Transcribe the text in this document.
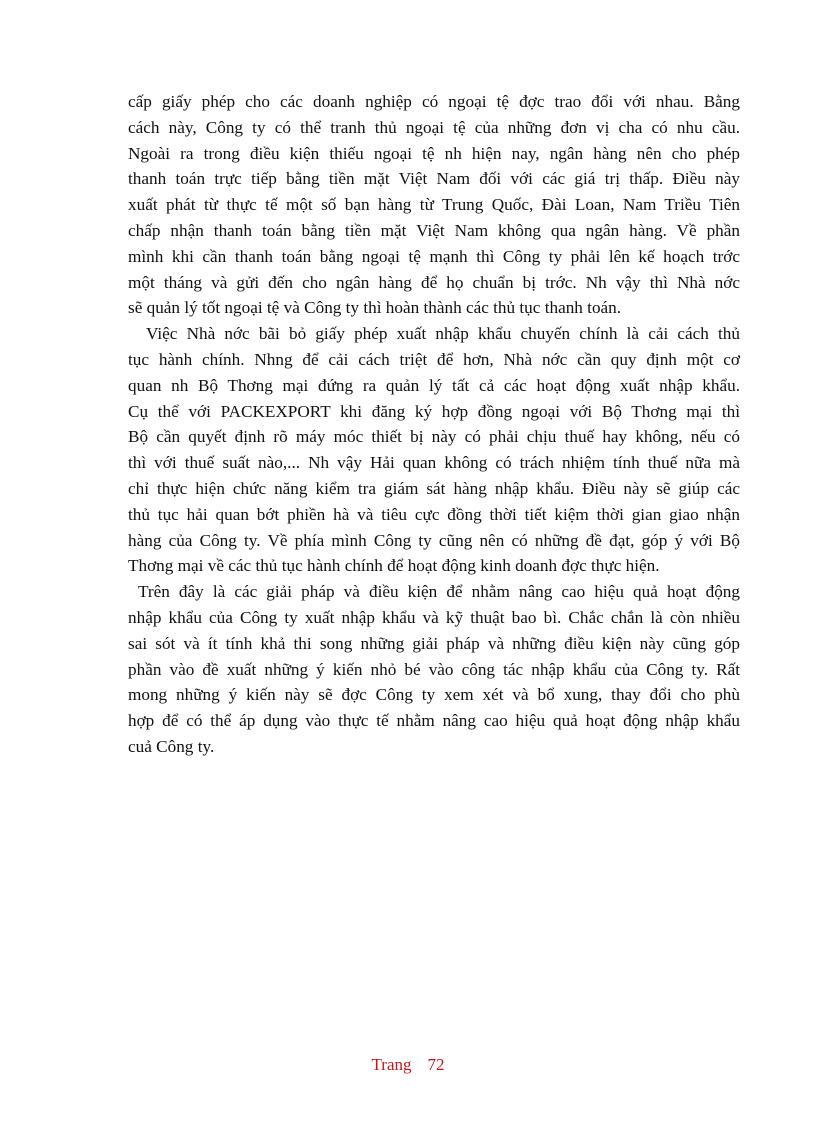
cấp giấy phép cho các doanh nghiệp có ngoại tệ đợc trao đổi với nhau. Bằng
cách này, Công ty có thể tranh thủ ngoại tệ của những đơn vị cha có nhu cầu.
Ngoài ra trong điều kiện thiếu ngoại tệ nh hiện nay, ngân hàng nên cho phép
thanh toán trực tiếp bằng tiền mặt Việt Nam đối với các giá trị thấp. Điều này
xuất phát từ thực tế một số bạn hàng từ Trung Quốc, Đài Loan, Nam Triều Tiên
chấp nhận thanh toán bằng tiền mặt Việt Nam không qua ngân hàng. Về phần
mình khi cần thanh toán bằng ngoại tệ mạnh thì Công ty phải lên kế hoạch trớc
một tháng và gửi đến cho ngân hàng để họ chuẩn bị trớc. Nh vậy thì Nhà nớc
sẽ quản lý tốt ngoại tệ và Công ty thì hoàn thành các thủ tục thanh toán.
Việc Nhà nớc bãi bỏ giấy phép xuất nhập khẩu chuyến chính là cải cách thủ
tục hành chính. Nhng để cải cách triệt để hơn, Nhà nớc cần quy định một cơ
quan nh Bộ Thơng mại đứng ra quản lý tất cả các hoạt động xuất nhập khẩu.
Cụ thể với PACKEXPORT khi đăng ký hợp đồng ngoại với Bộ Thơng mại thì
Bộ cần quyết định rõ máy móc thiết bị này có phải chịu thuế hay không, nếu có
thì với thuế suất nào,... Nh vậy Hải quan không có trách nhiệm tính thuế nữa mà
chỉ thực hiện chức năng kiểm tra giám sát hàng nhập khẩu. Điều này sẽ giúp các
thủ tục hải quan bớt phiền hà và tiêu cực đồng thời tiết kiệm thời gian giao nhận
hàng của Công ty. Về phía mình Công ty cũng nên có những đề đạt, góp ý với Bộ
Thơng mại về các thủ tục hành chính để hoạt động kinh doanh đợc thực hiện.
Trên đây là các giải pháp và điều kiện để nhằm nâng cao hiệu quả hoạt động
nhập khẩu của Công ty xuất nhập khẩu và kỹ thuật bao bì. Chắc chắn là còn nhiều
sai sót và ít tính khả thi song những giải pháp và những điều kiện này cũng góp
phần vào đề xuất những ý kiến nhỏ bé vào công tác nhập khẩu của Công ty. Rất
mong những ý kiến này sẽ đợc Công ty xem xét và bổ xung, thay đổi cho phù
hợp để có thể áp dụng vào thực tế nhằm nâng cao hiệu quả hoạt động nhập khẩu
cuả Công ty.
Trang 72
